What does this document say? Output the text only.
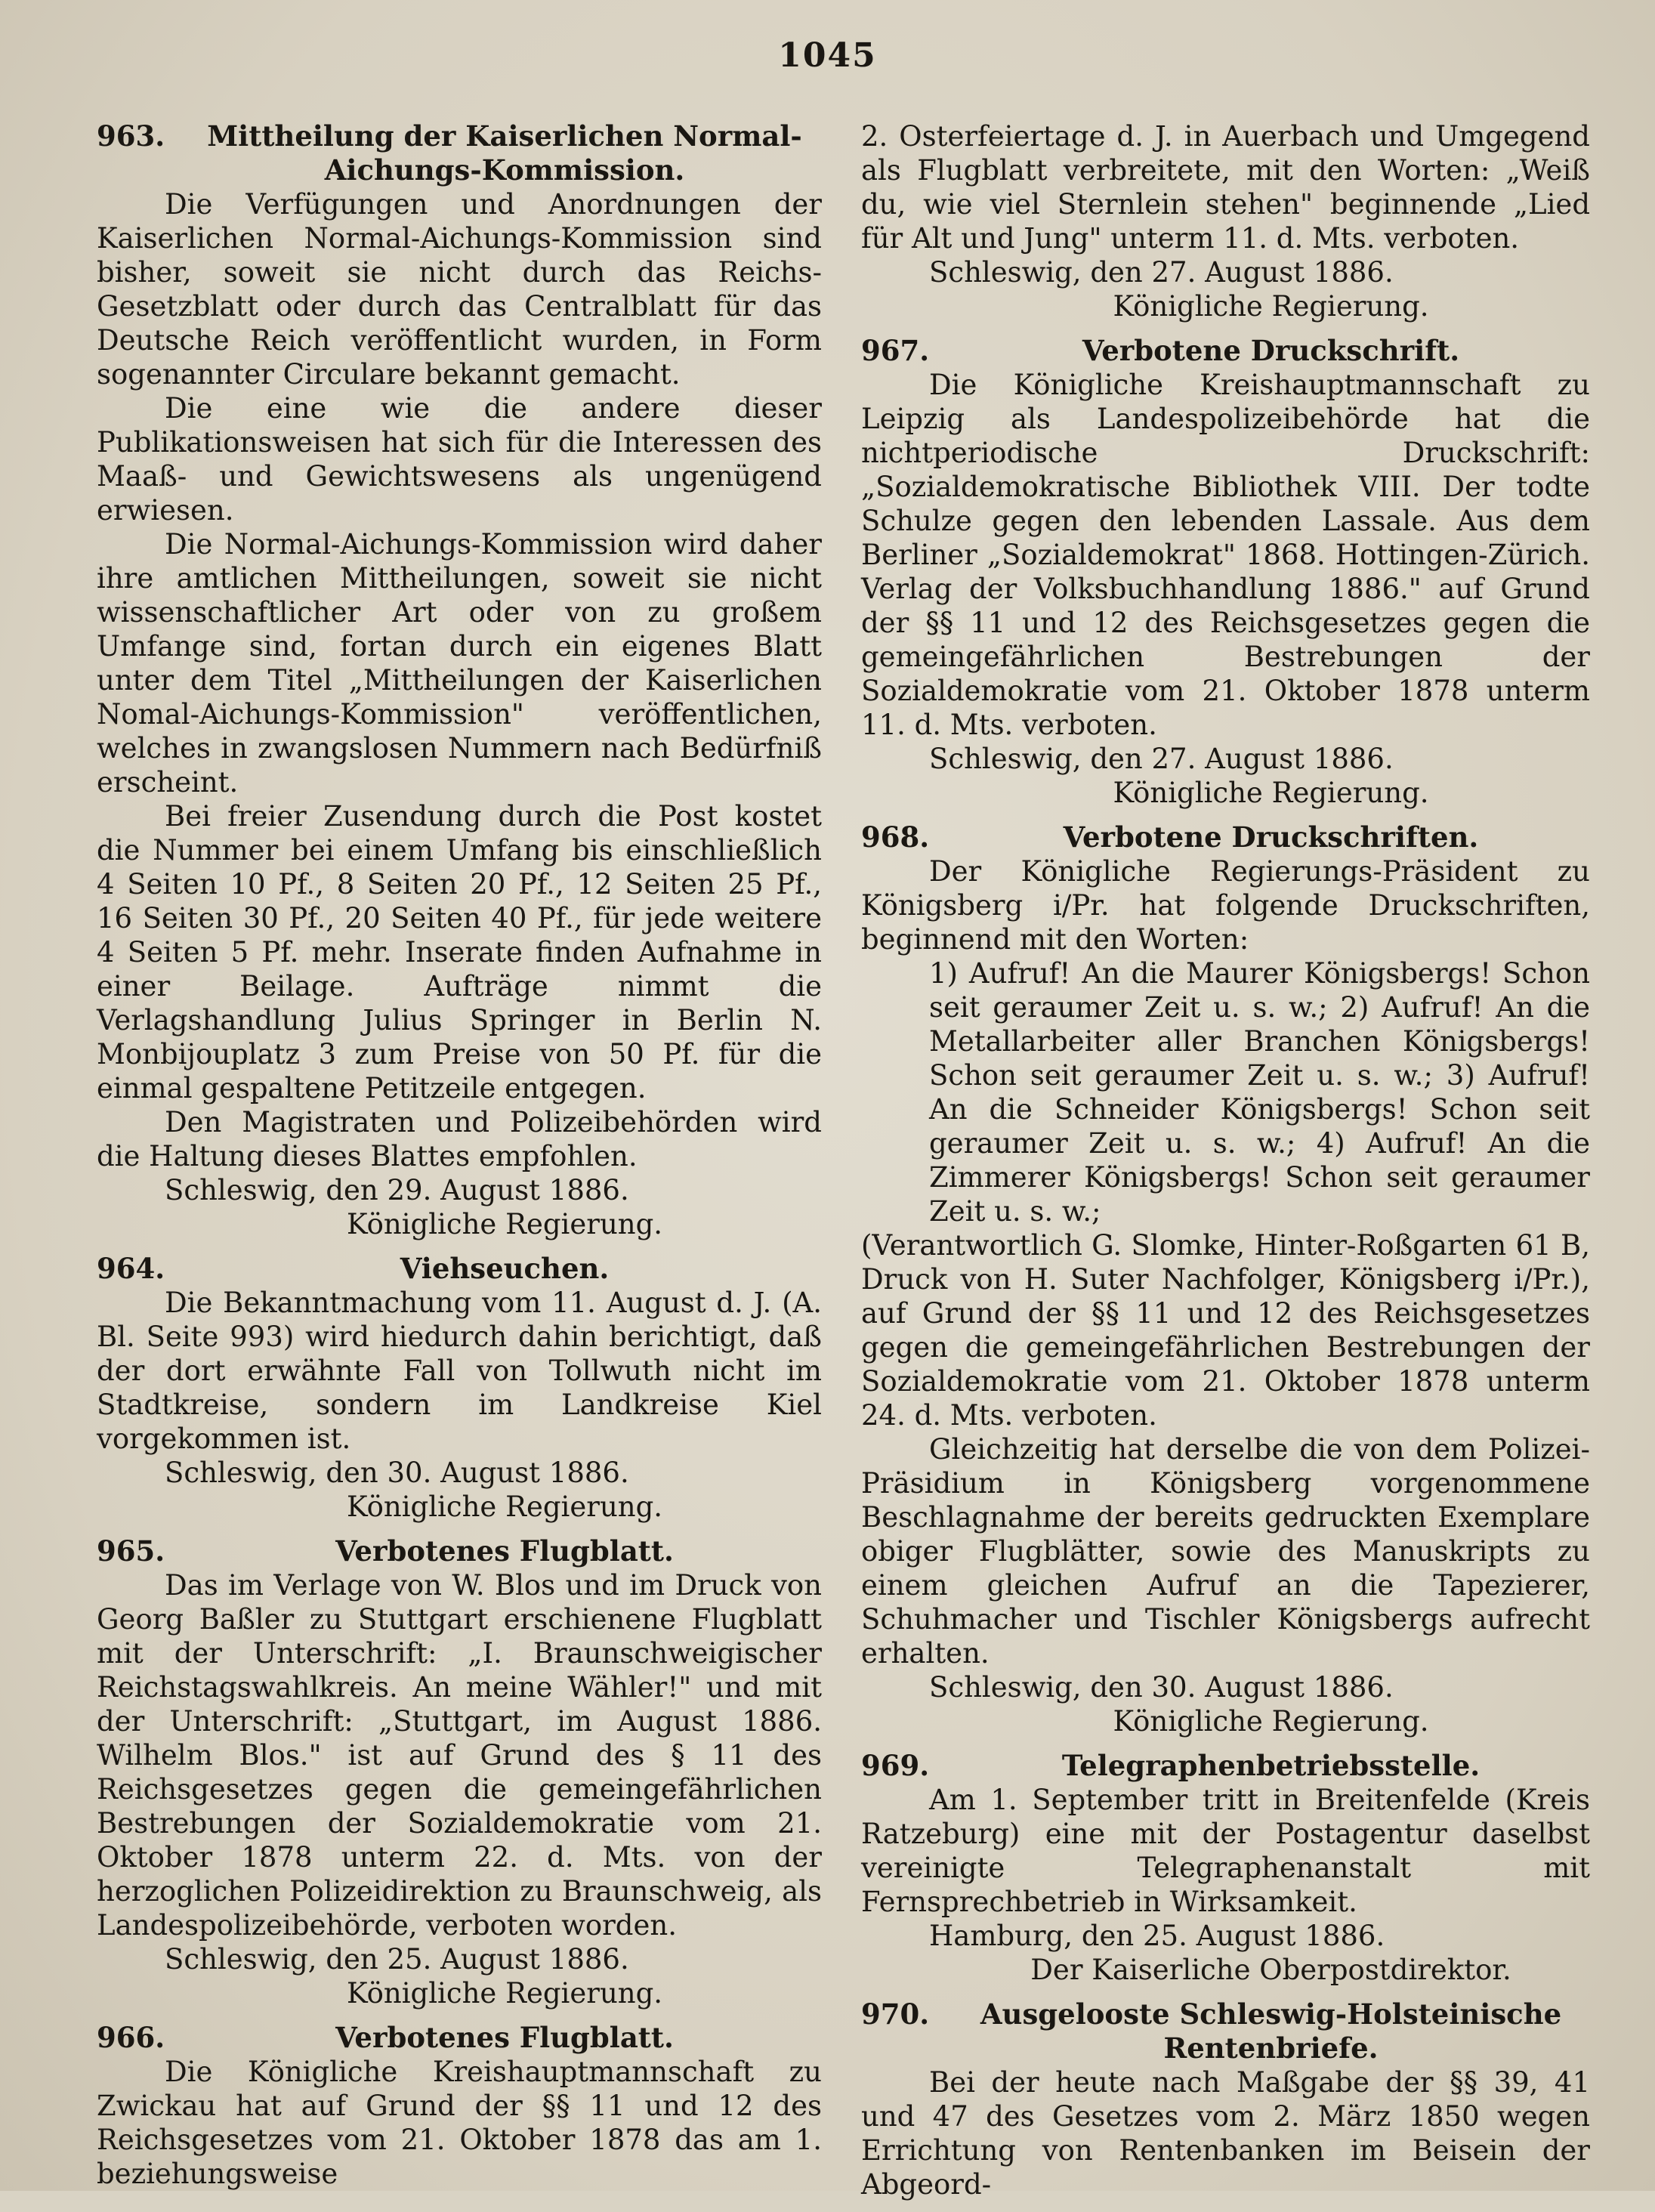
1045
963.	Mittheilung der Kaiserlichen Normal-Aichungs-Kommission.

Die Verfügungen und Anordnungen der Kaiserlichen Normal-Aichungs-Kommission sind bisher, soweit sie nicht durch das Reichs-Gesetzblatt oder durch das Centralblatt für das Deutsche Reich veröffentlicht wurden, in Form sogenannter Circulare bekannt gemacht.

Die eine wie die andere dieser Publikationsweisen hat sich für die Interessen des Maaß- und Gewichtswesens als ungenügend erwiesen.

Die Normal-Aichungs-Kommission wird daher ihre amtlichen Mittheilungen, soweit sie nicht wissenschaftlicher Art oder von zu großem Umfange sind, fortan durch ein eigenes Blatt unter dem Titel „Mittheilungen der Kaiserlichen Nomal-Aichungs-Kommission" veröffentlichen, welches in zwangslosen Nummern nach Bedürfniß erscheint.

Bei freier Zusendung durch die Post kostet die Nummer bei einem Umfang bis einschließlich 4 Seiten 10 Pf., 8 Seiten 20 Pf., 12 Seiten 25 Pf., 16 Seiten 30 Pf., 20 Seiten 40 Pf., für jede weitere 4 Seiten 5 Pf. mehr. Inserate finden Aufnahme in einer Beilage. Aufträge nimmt die Verlagshandlung Julius Springer in Berlin N. Monbijouplatz 3 zum Preise von 50 Pf. für die einmal gespaltene Petitzeile entgegen.

Den Magistraten und Polizeibehörden wird die Haltung dieses Blattes empfohlen.

Schleswig, den 29. August 1886.

Königliche Regierung.

964.	Viehseuchen.

Die Bekanntmachung vom 11. August d. J. (A. Bl. Seite 993) wird hiedurch dahin berichtigt, daß der dort erwähnte Fall von Tollwuth nicht im Stadtkreise, sondern im Landkreise Kiel vorgekommen ist.

Schleswig, den 30. August 1886.

Königliche Regierung.

965.	Verbotenes Flugblatt.

Das im Verlage von W. Blos und im Druck von Georg Baßler zu Stuttgart erschienene Flugblatt mit der Unterschrift: „I. Braunschweigischer Reichstagswahlkreis. An meine Wähler!" und mit der Unterschrift: „Stuttgart, im August 1886. Wilhelm Blos." ist auf Grund des § 11 des Reichsgesetzes gegen die gemeingefährlichen Bestrebungen der Sozialdemokratie vom 21. Oktober 1878 unterm 22. d. Mts. von der herzoglichen Polizeidirektion zu Braunschweig, als Landespolizeibehörde, verboten worden.

Schleswig, den 25. August 1886.

Königliche Regierung.

966.	Verbotenes Flugblatt.

Die Königliche Kreishauptmannschaft zu Zwickau hat auf Grund der §§ 11 und 12 des Reichsgesetzes vom 21. Oktober 1878 das am 1. beziehungsweise

2. Osterfeiertage d. J. in Auerbach und Umgegend als Flugblatt verbreitete, mit den Worten: „Weiß du, wie viel Sternlein stehen" beginnende „Lied für Alt und Jung" unterm 11. d. Mts. verboten.

Schleswig, den 27. August 1886.

Königliche Regierung.

967.	Verbotene Druckschrift.

Die Königliche Kreishauptmannschaft zu Leipzig als Landespolizeibehörde hat die nichtperiodische Druckschrift: „Sozialdemokratische Bibliothek VIII. Der todte Schulze gegen den lebenden Lassale. Aus dem Berliner „Sozialdemokrat" 1868. Hottingen-Zürich. Verlag der Volksbuchhandlung 1886." auf Grund der §§ 11 und 12 des Reichsgesetzes gegen die gemeingefährlichen Bestrebungen der Sozialdemokratie vom 21. Oktober 1878 unterm 11. d. Mts. verboten.

Schleswig, den 27. August 1886.

Königliche Regierung.

968.	Verbotene Druckschriften.

Der Königliche Regierungs-Präsident zu Königsberg i/Pr. hat folgende Druckschriften, beginnend mit den Worten:

1) Aufruf! An die Maurer Königsbergs! Schon seit geraumer Zeit u. s. w.; 2) Aufruf! An die Metallarbeiter aller Branchen Königsbergs! Schon seit geraumer Zeit u. s. w.; 3) Aufruf! An die Schneider Königsbergs! Schon seit geraumer Zeit u. s. w.; 4) Aufruf! An die Zimmerer Königsbergs! Schon seit geraumer Zeit u. s. w.;

(Verantwortlich G. Slomke, Hinter-Roßgarten 61 B, Druck von H. Suter Nachfolger, Königsberg i/Pr.), auf Grund der §§ 11 und 12 des Reichsgesetzes gegen die gemeingefährlichen Bestrebungen der Sozialdemokratie vom 21. Oktober 1878 unterm 24. d. Mts. verboten.

Gleichzeitig hat derselbe die von dem Polizei-Präsidium in Königsberg vorgenommene Beschlagnahme der bereits gedruckten Exemplare obiger Flugblätter, sowie des Manuskripts zu einem gleichen Aufruf an die Tapezierer, Schuhmacher und Tischler Königsbergs aufrecht erhalten.

Schleswig, den 30. August 1886.

Königliche Regierung.

969.	Telegraphenbetriebsstelle.

Am 1. September tritt in Breitenfelde (Kreis Ratzeburg) eine mit der Postagentur daselbst vereinigte Telegraphenanstalt mit Fernsprechbetrieb in Wirksamkeit.

Hamburg, den 25. August 1886.

Der Kaiserliche Oberpostdirektor.

970.	Ausgelooste Schleswig-Holsteinische Rentenbriefe.

Bei der heute nach Maßgabe der §§ 39, 41 und 47 des Gesetzes vom 2. März 1850 wegen Errichtung von Rentenbanken im Beisein der Abgeord-
